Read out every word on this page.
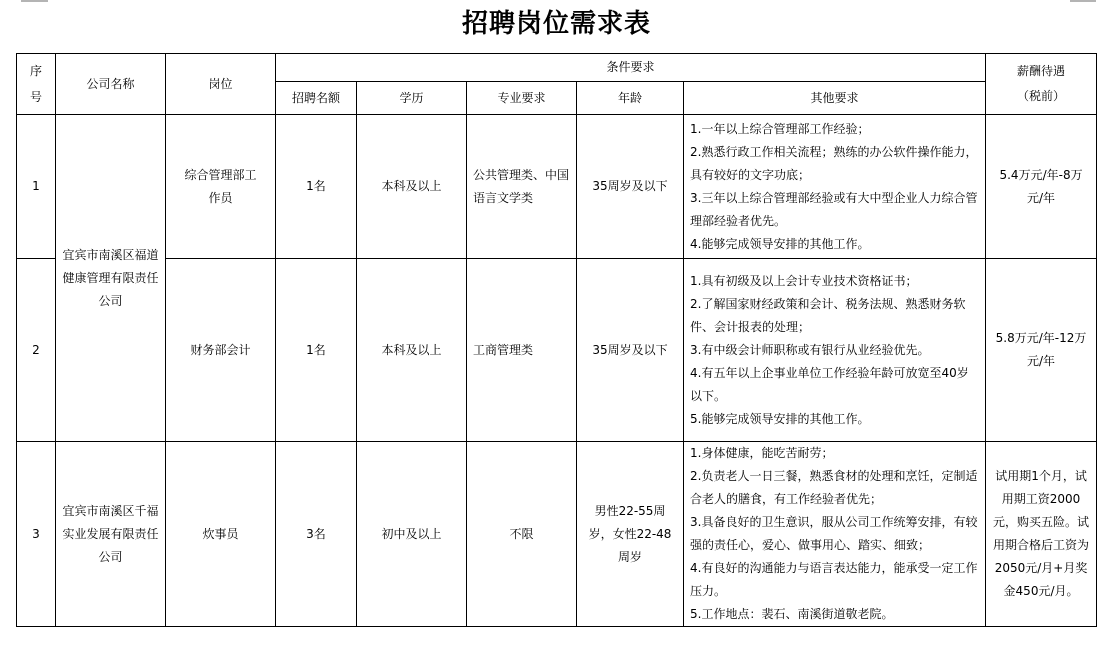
招聘岗位需求表
序号	公司名称	岗位	条件要求					薪酬待遇
（税前）

			招聘名额	学历	专业要求	年龄	其他要求	
1	宜宾市南溪区福道健康管理有限责任公司	综合管理部工作员	1名	本科及以上	公共管理类、中国语言文学类	35周岁及以下	1.一年以上综合管理部工作经验；
2.熟悉行政工作相关流程；熟练的办公软件操作能力，具有较好的文字功底；
3.三年以上综合管理部经验或有大中型企业人力综合管理部经验者优先。
4.能够完成领导安排的其他工作。	5.4万元/年-8万元/年
2		财务部会计	1名	本科及以上	工商管理类	35周岁及以下	1.具有初级及以上会计专业技术资格证书；
2.了解国家财经政策和会计、税务法规、熟悉财务软件、会计报表的处理；
3.有中级会计师职称或有银行从业经验优先。
4.有五年以上企事业单位工作经验年龄可放宽至40岁以下。
5.能够完成领导安排的其他工作。	5.8万元/年-12万元/年
3	宜宾市南溪区千福实业发展有限责任公司	炊事员	3名	初中及以上	不限	男性22-55周岁，女性22-48周岁	1.身体健康，能吃苦耐劳；
2.负责老人一日三餐，熟悉食材的处理和烹饪，定制适合老人的膳食，有工作经验者优先；
3.具备良好的卫生意识，服从公司工作统筹安排，有较强的责任心，爱心、做事用心、踏实、细致；
4.有良好的沟通能力与语言表达能力，能承受一定工作压力。
5.工作地点：裴石、南溪街道敬老院。	试用期1个月，试用期工资2000元，购买五险。试用期合格后工资为2050元/月+月奖金450元/月。
